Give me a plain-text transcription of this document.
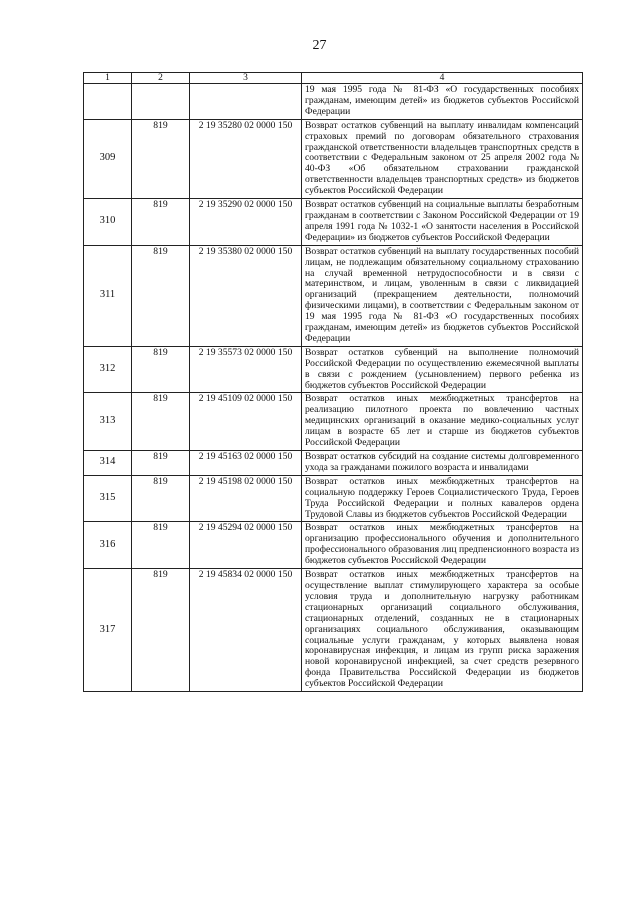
27
1	2	3	4
			19 мая 1995 года № 81-ФЗ «О государственных пособиях гражданам, имеющим детей» из бюджетов субъектов Российской Федерации
309	819	2 19 35280 02 0000 150	Возврат остатков субвенций на выплату инвалидам компенсаций страховых премий по договорам обязательного страхования гражданской ответственности владельцев транспортных средств в соответствии с Федеральным законом от 25 апреля 2002 года № 40-ФЗ «Об обязательном страховании гражданской ответственности владельцев транспортных средств» из бюджетов субъектов Российской Федерации
310	819	2 19 35290 02 0000 150	Возврат остатков субвенций на социальные выплаты безработным гражданам в соответствии с Законом Российской Федерации от 19 апреля 1991 года № 1032-1 «О занятости населения в Российской Федерации» из бюджетов субъектов Российской Федерации
311	819	2 19 35380 02 0000 150	Возврат остатков субвенций на выплату государственных пособий лицам, не подлежащим обязательному социальному страхованию на случай временной нетрудоспособности и в связи с материнством, и лицам, уволенным в связи с ликвидацией организаций (прекращением деятельности, полномочий физическими лицами), в соответствии с Федеральным законом от 19 мая 1995 года № 81-ФЗ «О государственных пособиях гражданам, имеющим детей» из бюджетов субъектов Российской Федерации
312	819	2 19 35573 02 0000 150	Возврат остатков субвенций на выполнение полномочий Российской Федерации по осуществлению ежемесячной выплаты в связи с рождением (усыновлением) первого ребенка из бюджетов субъектов Российской Федерации
313	819	2 19 45109 02 0000 150	Возврат остатков иных межбюджетных трансфертов на реализацию пилотного проекта по вовлечению частных медицинских организаций в оказание медико-социальных услуг лицам в возрасте 65 лет и старше из бюджетов субъектов Российской Федерации
314	819	2 19 45163 02 0000 150	Возврат остатков субсидий на создание системы долговременного ухода за гражданами пожилого возраста и инвалидами
315	819	2 19 45198 02 0000 150	Возврат остатков иных межбюджетных трансфертов на социальную поддержку Героев Социалистического Труда, Героев Труда Российской Федерации и полных кавалеров ордена Трудовой Славы из бюджетов субъектов Российской Федерации
316	819	2 19 45294 02 0000 150	Возврат остатков иных межбюджетных трансфертов на организацию профессионального обучения и дополнительного профессионального образования лиц предпенсионного возраста из бюджетов субъектов Российской Федерации
317	819	2 19 45834 02 0000 150	Возврат остатков иных межбюджетных трансфертов на осуществление выплат стимулирующего характера за особые условия труда и дополнительную нагрузку работникам стационарных организаций социального обслуживания, стационарных отделений, созданных не в стационарных организациях социального обслуживания, оказывающим социальные услуги гражданам, у которых выявлена новая коронавирусная инфекция, и лицам из групп риска заражения новой коронавирусной инфекцией, за счет средств резервного фонда Правительства Российской Федерации из бюджетов субъектов Российской Федерации
